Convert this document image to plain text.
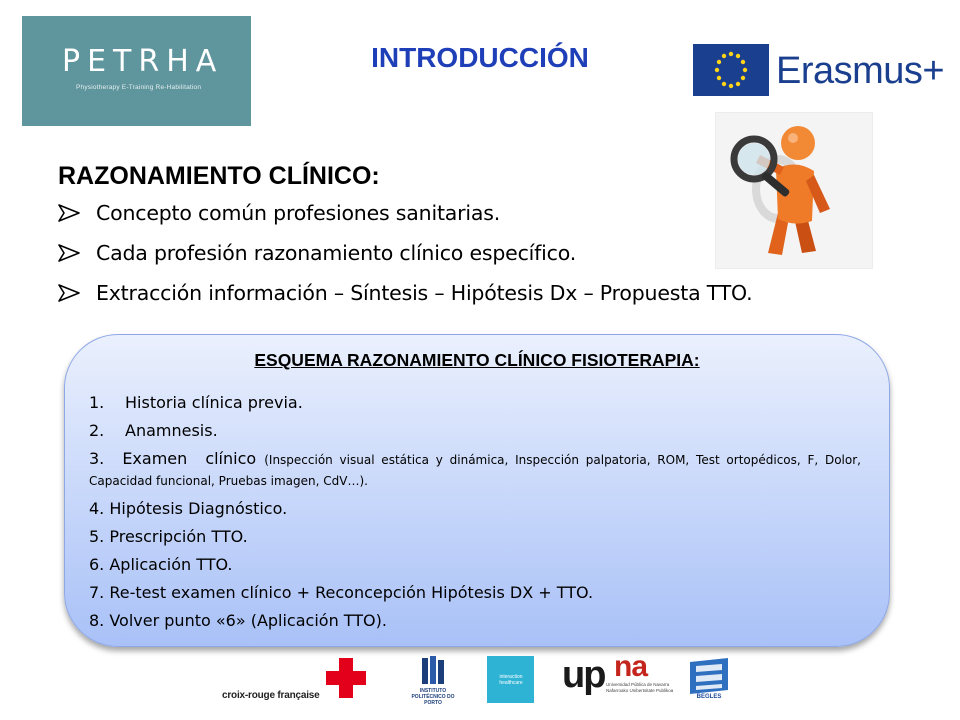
PETRHA
Physiotherapy E-Training Re-Habilitation
INTRODUCCIÓN	Erasmus+
RAZONAMIENTO CLÍNICO:
Concepto común profesiones sanitarias.
Cada profesión razonamiento clínico específico.
Extracción información – Síntesis – Hipótesis Dx – Propuesta TTO.
ESQUEMA RAZONAMIENTO CLÍNICO FISIOTERAPIA:
1. Historia clínica previa.
2. Anamnesis.
3. Examen clínico (Inspección visual estática y dinámica, Inspección palpatoria, ROM, Test ortopédicos, F, Dolor, Capacidad funcional, Pruebas imagen, CdV…).
4. Hipótesis Diagnóstico.
5. Prescripción TTO.
6. Aplicación TTO.
7. Re-test examen clínico + Reconcepción Hipótesis DX + TTO.
8. Volver punto «6» (Aplicación TTO).
croix-rouge française	INSTITUTO POLITÉCNICO DO PORTO
interaction healthcare up na
Universidad Pública de Navarra
Nafarroako Unibertsitate Publikoa
BEGLES
